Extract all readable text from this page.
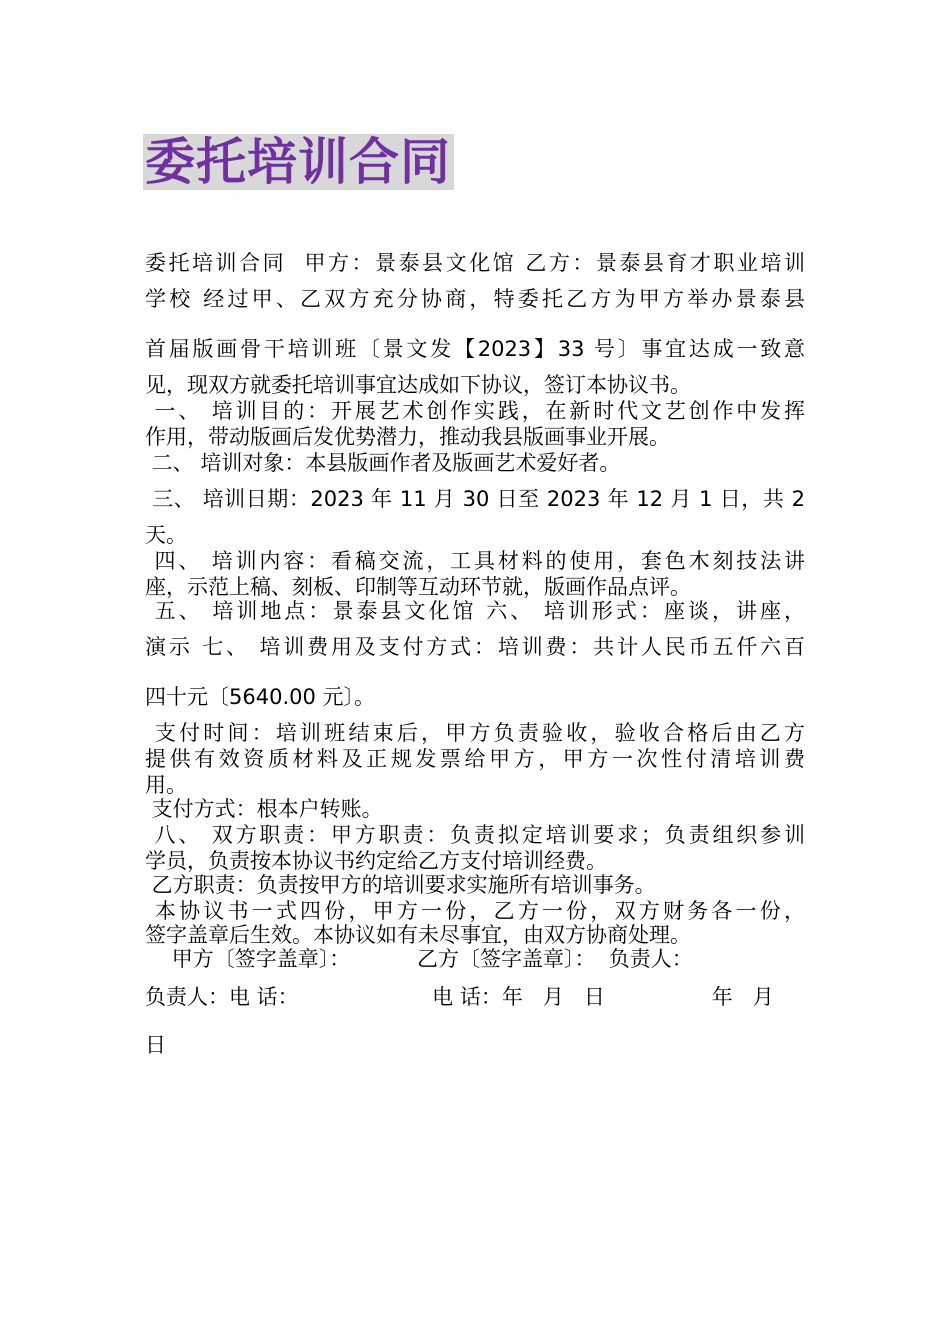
委托培训合同
委托培训合同  甲方：景泰县文化馆 乙方：景泰县育才职业培训
学校 经过甲、乙双方充分协商，特委托乙方为甲方举办景泰县
首届版画骨干培训班〔景文发【2023】33 号〕事宜达成一致意
见，现双方就委托培训事宜达成如下协议，签订本协议书。
一、 培训目的：开展艺术创作实践，在新时代文艺创作中发挥
作用，带动版画后发优势潜力，推动我县版画事业开展。
二、 培训对象：本县版画作者及版画艺术爱好者。
三、 培训日期：2023 年 11 月 30 日至 2023 年 12 月 1 日，共 2
天。
四、 培训内容：看稿交流，工具材料的使用，套色木刻技法讲
座，示范上稿、刻板、印制等互动环节就，版画作品点评。
五、 培训地点：景泰县文化馆 六、 培训形式：座谈，讲座，
演示 七、 培训费用及支付方式：培训费：共计人民币五仟六百
四十元〔5640.00 元〕。
支付时间：培训班结束后，甲方负责验收，验收合格后由乙方
提供有效资质材料及正规发票给甲方，甲方一次性付清培训费
用。
支付方式：根本户转账。
八、 双方职责：甲方职责：负责拟定培训要求；负责组织参训
学员，负责按本协议书约定给乙方支付培训经费。
乙方职责：负责按甲方的培训要求实施所有培训事务。
本协议书一式四份，甲方一份，乙方一份，双方财务各一份，
签字盖章后生效。本协议如有未尽事宜，由双方协商处理。
甲方〔签字盖章〕：          乙方〔签字盖章〕：  负责人：
负责人：电 话：                    电 话：年   月   日                年   月
日
